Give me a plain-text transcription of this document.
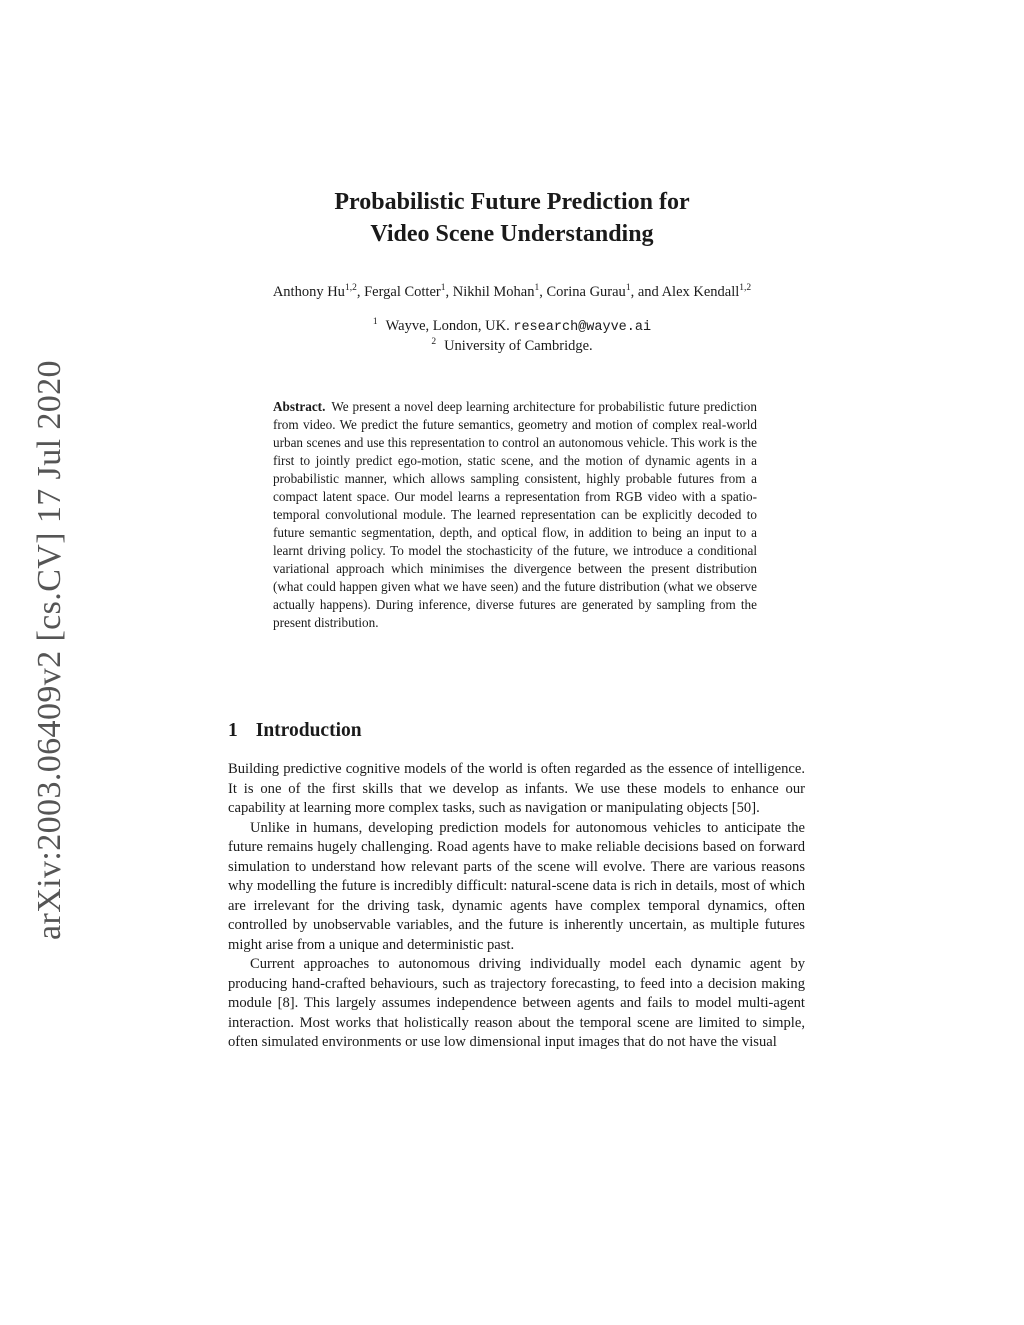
arXiv:2003.06409v2 [cs.CV] 17 Jul 2020
Probabilistic Future Prediction for
Video Scene Understanding
Anthony Hu$^{1,2}$, Fergal Cotter$^1$, Nikhil Mohan$^1$, Corina Gurau$^1$, and Alex Kendall$^{1,2}$
$^1$ Wayve, London, UK. research@wayve.ai
$^2$ University of Cambridge.
Abstract. We present a novel deep learning architecture for probabilistic future prediction from video. We predict the future semantics, geometry and motion of complex real-world urban scenes and use this representation to control an autonomous vehicle. This work is the first to jointly predict ego-motion, static scene, and the motion of dynamic agents in a probabilistic manner, which allows sampling consistent, highly probable futures from a compact latent space. Our model learns a representation from RGB video with a spatio-temporal convolutional module. The learned representation can be explicitly decoded to future semantic segmentation, depth, and optical flow, in addition to being an input to a learnt driving policy. To model the stochasticity of the future, we introduce a conditional variational approach which minimises the divergence between the present distribution (what could happen given what we have seen) and the future distribution (what we observe actually happens). During inference, diverse futures are generated by sampling from the present distribution.
1 Introduction

Building predictive cognitive models of the world is often regarded as the essence of intelligence. It is one of the first skills that we develop as infants. We use these models to enhance our capability at learning more complex tasks, such as navigation or manipulating objects [50].

Unlike in humans, developing prediction models for autonomous vehicles to anticipate the future remains hugely challenging. Road agents have to make reliable decisions based on forward simulation to understand how relevant parts of the scene will evolve. There are various reasons why modelling the future is incredibly difficult: natural-scene data is rich in details, most of which are irrelevant for the driving task, dynamic agents have complex temporal dynamics, often controlled by unobservable variables, and the future is inherently uncertain, as multiple futures might arise from a unique and deterministic past.

Current approaches to autonomous driving individually model each dynamic agent by producing hand-crafted behaviours, such as trajectory forecasting, to feed into a decision making module [8]. This largely assumes independence between agents and fails to model multi-agent interaction. Most works that holistically reason about the temporal scene are limited to simple, often simulated environments or use low dimensional input images that do not have the visual
